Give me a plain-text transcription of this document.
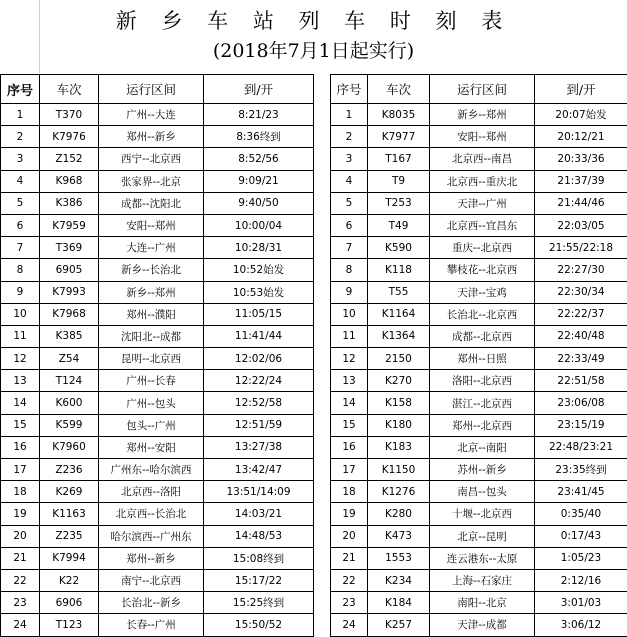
新 乡 车 站 列 车 时 刻 表
(2018年7月1日起实行)
序号	车次	运行区间	到/开
1	T370	广州--大连	8:21/23
2	K7976	郑州--新乡	8:36终到
3	Z152	西宁--北京西	8:52/56
4	K968	张家界--北京	9:09/21
5	K386	成都--沈阳北	9:40/50
6	K7959	安阳--郑州	10:00/04
7	T369	大连--广州	10:28/31
8	6905	新乡--长治北	10:52始发
9	K7993	新乡--郑州	10:53始发
10	K7968	郑州--濮阳	11:05/15
11	K385	沈阳北--成都	11:41/44
12	Z54	昆明--北京西	12:02/06
13	T124	广州--长春	12:22/24
14	K600	广州--包头	12:52/58
15	K599	包头--广州	12:51/59
16	K7960	郑州--安阳	13:27/38
17	Z236	广州东--哈尔滨西	13:42/47
18	K269	北京西--洛阳	13:51/14:09
19	K1163	北京西--长治北	14:03/21
20	Z235	哈尔滨西--广州东	14:48/53
21	K7994	郑州--新乡	15:08终到
22	K22	南宁--北京西	15:17/22
23	6906	长治北--新乡	15:25终到
24	T123	长春--广州	15:50/52
序号	车次	运行区间	到/开
1	K8035	新乡--郑州	20:07始发
2	K7977	安阳--郑州	20:12/21
3	T167	北京西--南昌	20:33/36
4	T9	北京西--重庆北	21:37/39
5	T253	天津--广州	21:44/46
6	T49	北京西--宜昌东	22:03/05
7	K590	重庆--北京西	21:55/22:18
8	K118	攀枝花--北京西	22:27/30
9	T55	天津--宝鸡	22:30/34
10	K1164	长治北--北京西	22:22/37
11	K1364	成都--北京西	22:40/48
12	2150	郑州--日照	22:33/49
13	K270	洛阳--北京西	22:51/58
14	K158	湛江--北京西	23:06/08
15	K180	郑州--北京西	23:15/19
16	K183	北京--南阳	22:48/23:21
17	K1150	苏州--新乡	23:35终到
18	K1276	南昌--包头	23:41/45
19	K280	十堰--北京西	0:35/40
20	K473	北京--昆明	0:17/43
21	1553	连云港东--太原	1:05/23
22	K234	上海--石家庄	2:12/16
23	K184	南阳--北京	3:01/03
24	K257	天津--成都	3:06/12
